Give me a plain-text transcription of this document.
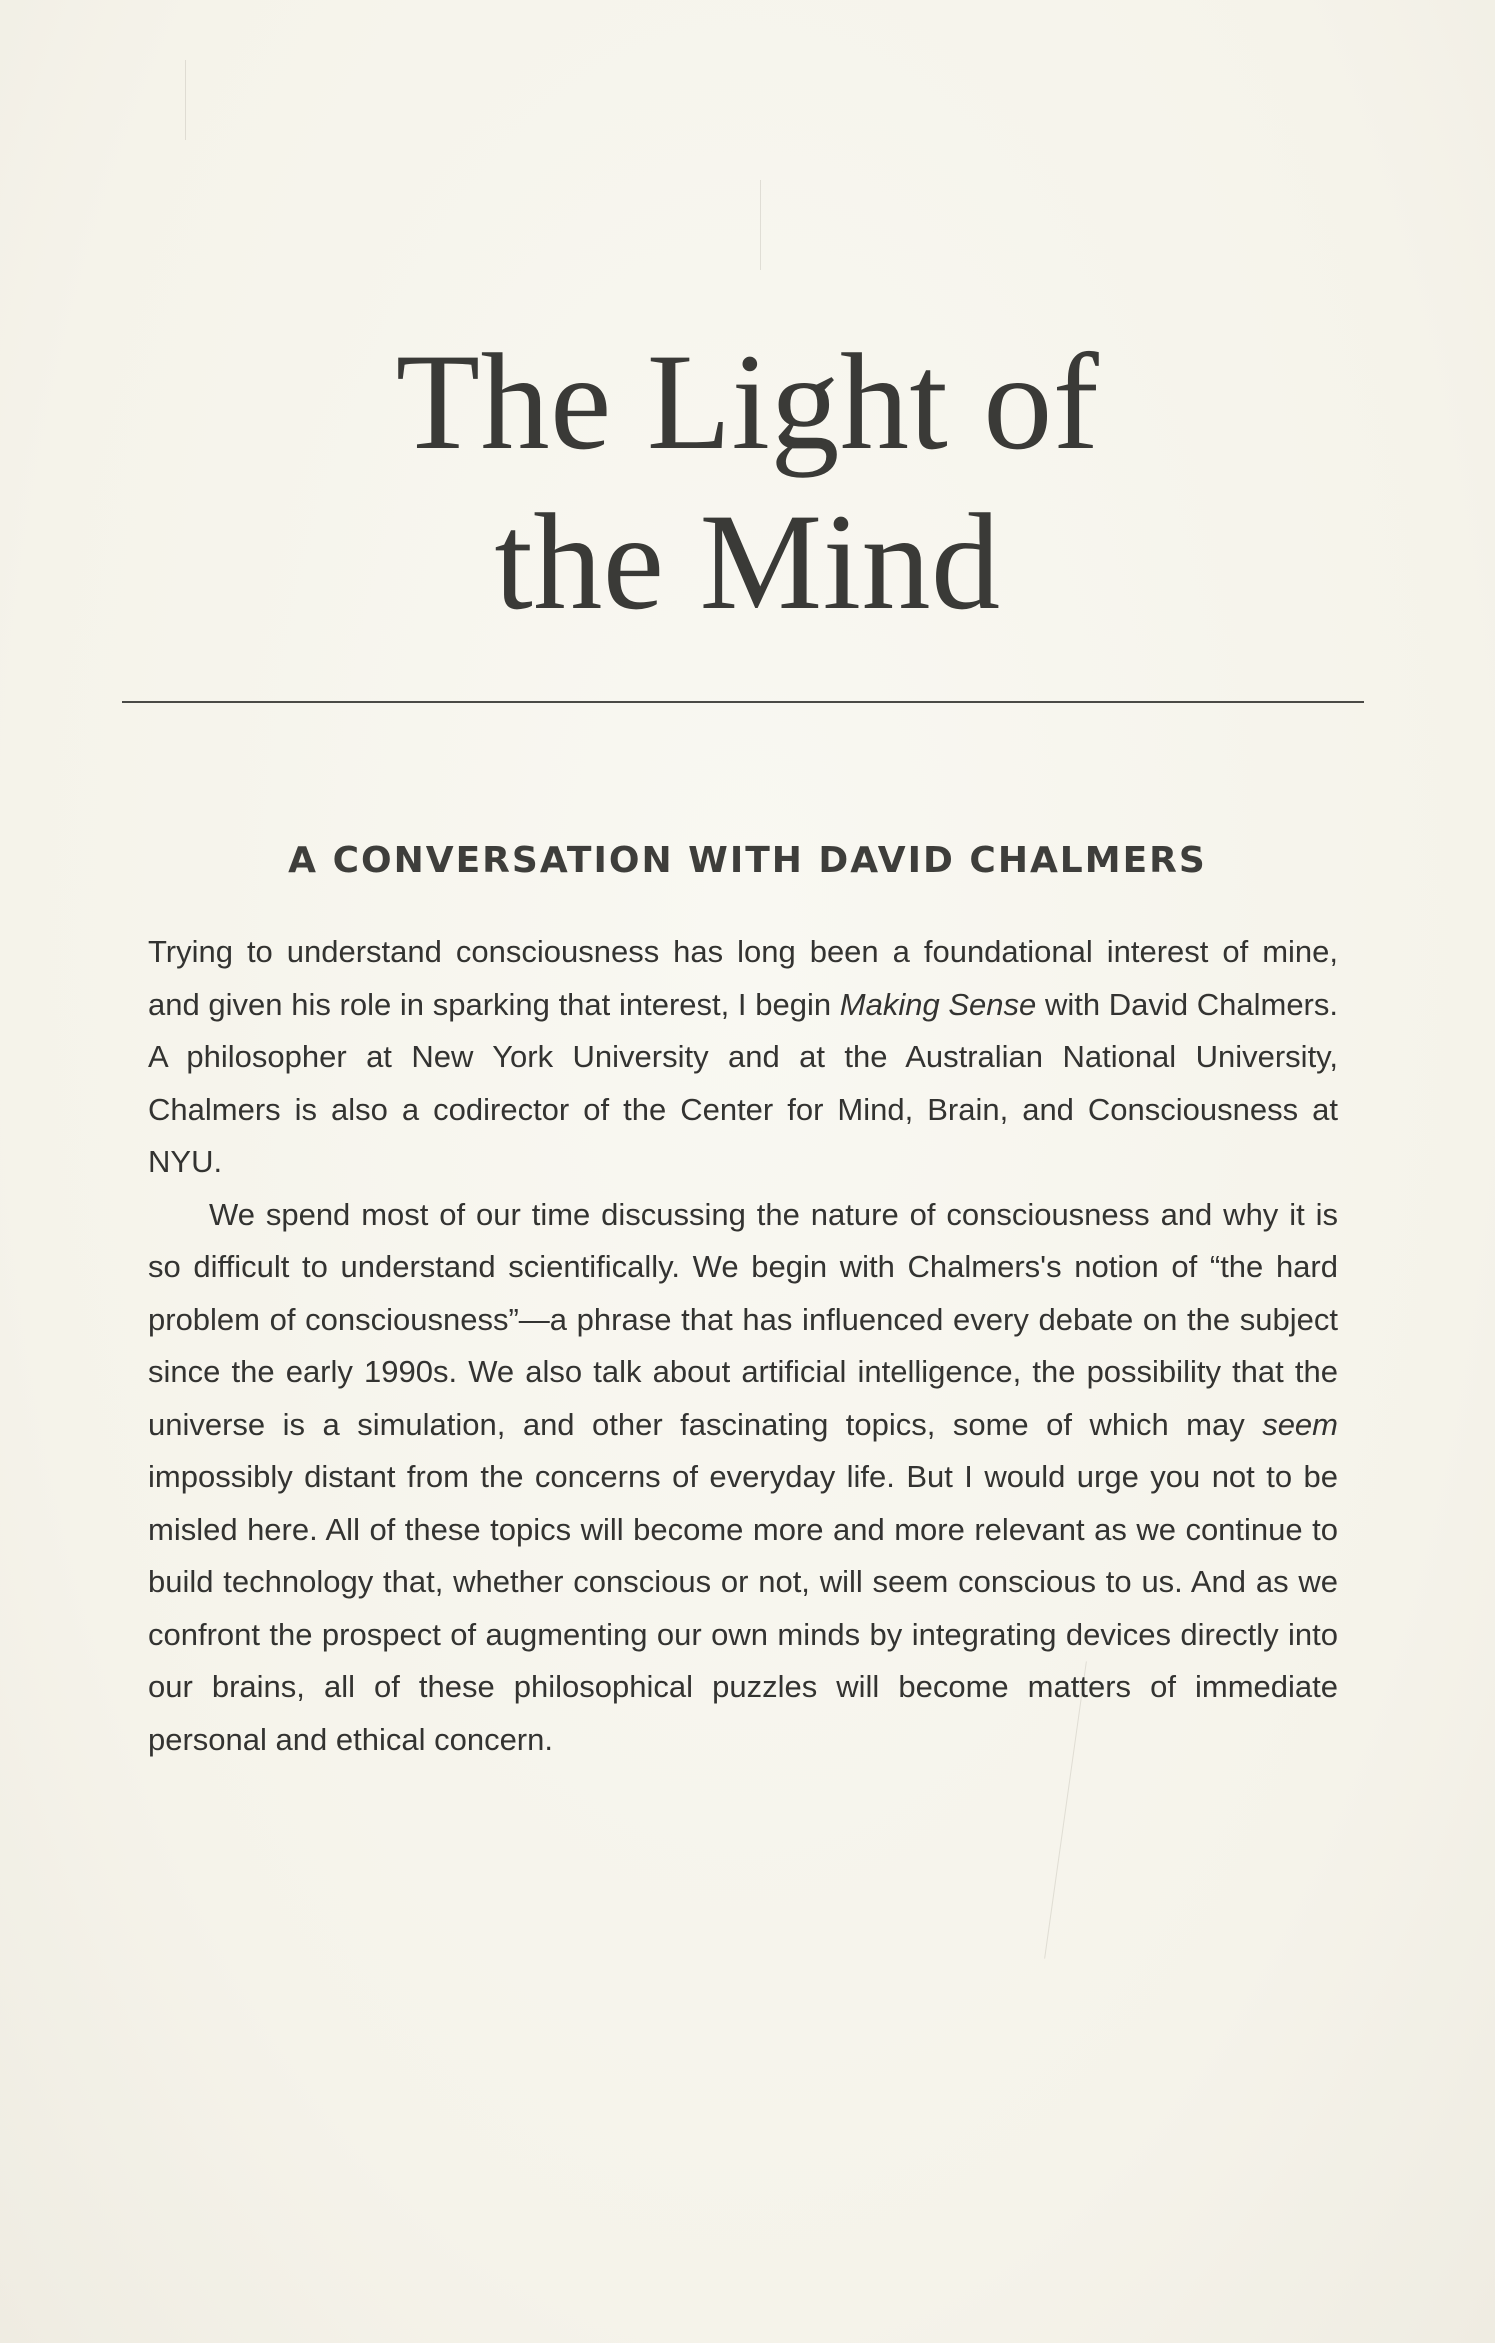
The Light of
the Mind
A CONVERSATION WITH DAVID CHALMERS

Trying to understand consciousness has long been a foundational interest of mine, and given his role in sparking that interest, I begin Making Sense with David Chalmers. A philosopher at New York University and at the Australian National University, Chalmers is also a codirector of the Center for Mind, Brain, and Consciousness at NYU.

We spend most of our time discussing the nature of consciousness and why it is so difficult to understand scientifically. We begin with Chalmers's notion of “the hard problem of consciousness”—a phrase that has influenced every debate on the subject since the early 1990s. We also talk about artificial intelligence, the possibility that the universe is a simulation, and other fascinating topics, some of which may seem impossibly distant from the concerns of everyday life. But I would urge you not to be misled here. All of these topics will become more and more relevant as we continue to build technology that, whether conscious or not, will seem conscious to us. And as we confront the prospect of augmenting our own minds by integrating devices directly into our brains, all of these philosophical puzzles will become matters of immediate personal and ethical concern.
